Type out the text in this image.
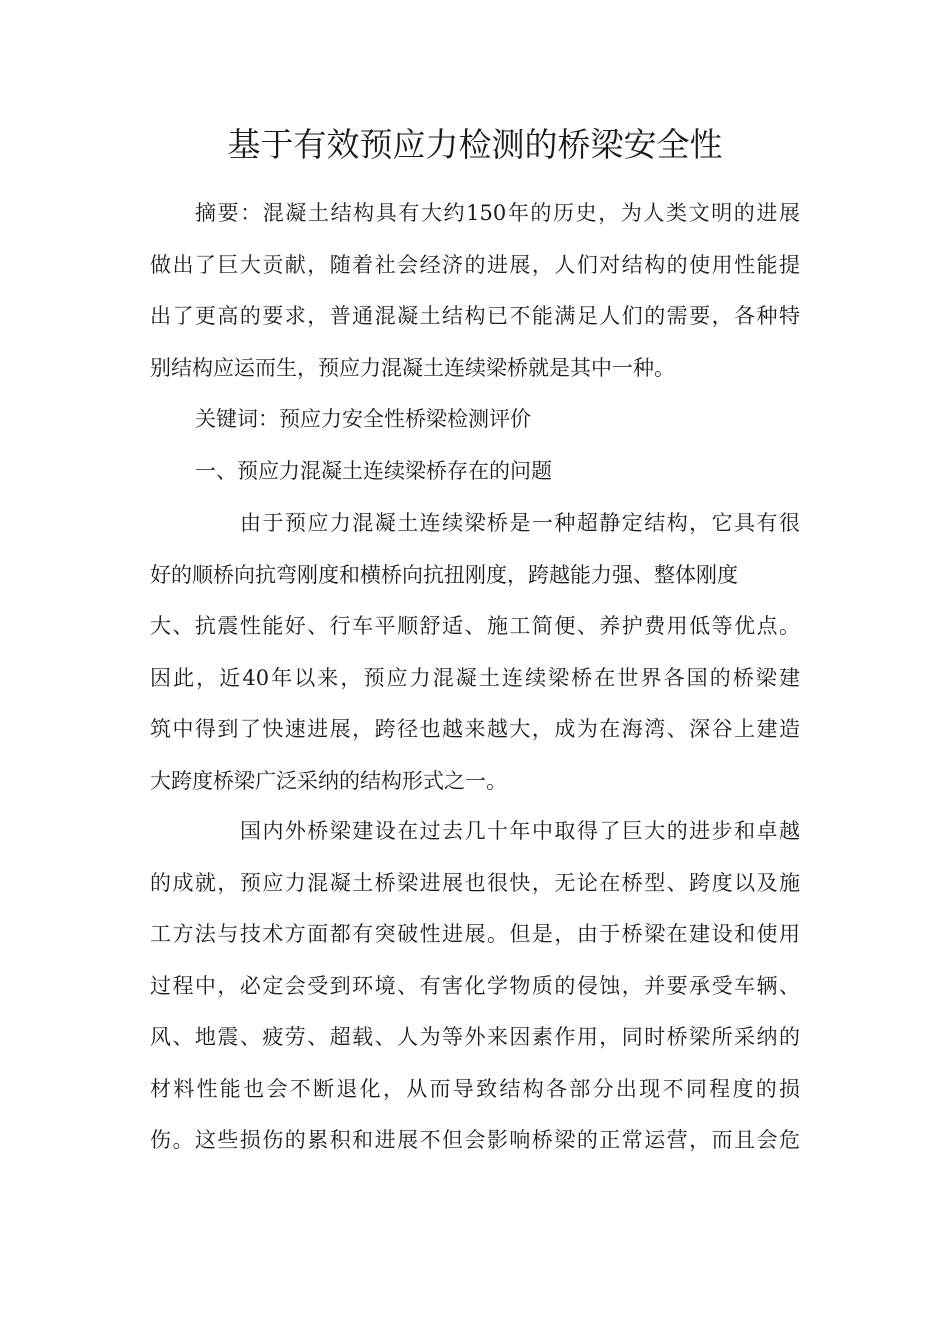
基于有效预应力检测的桥梁安全性
摘要：混凝土结构具有大约150年的历史，为人类文明的进展
做出了巨大贡献，随着社会经济的进展，人们对结构的使用性能提
出了更高的要求，普通混凝土结构已不能满足人们的需要，各种特
别结构应运而生，预应力混凝土连续梁桥就是其中一种。
关键词：预应力安全性桥梁检测评价
一、预应力混凝土连续梁桥存在的问题
由于预应力混凝土连续梁桥是一种超静定结构，它具有很
好的顺桥向抗弯刚度和横桥向抗扭刚度，跨越能力强、整体刚度
大、抗震性能好、行车平顺舒适、施工简便、养护费用低等优点。
因此，近40年以来，预应力混凝土连续梁桥在世界各国的桥梁建
筑中得到了快速进展，跨径也越来越大，成为在海湾、深谷上建造
大跨度桥梁广泛采纳的结构形式之一。
国内外桥梁建设在过去几十年中取得了巨大的进步和卓越
的成就，预应力混凝土桥梁进展也很快，无论在桥型、跨度以及施
工方法与技术方面都有突破性进展。但是，由于桥梁在建设和使用
过程中，必定会受到环境、有害化学物质的侵蚀，并要承受车辆、
风、地震、疲劳、超载、人为等外来因素作用，同时桥梁所采纳的
材料性能也会不断退化，从而导致结构各部分出现不同程度的损
伤。这些损伤的累积和进展不但会影响桥梁的正常运营，而且会危
